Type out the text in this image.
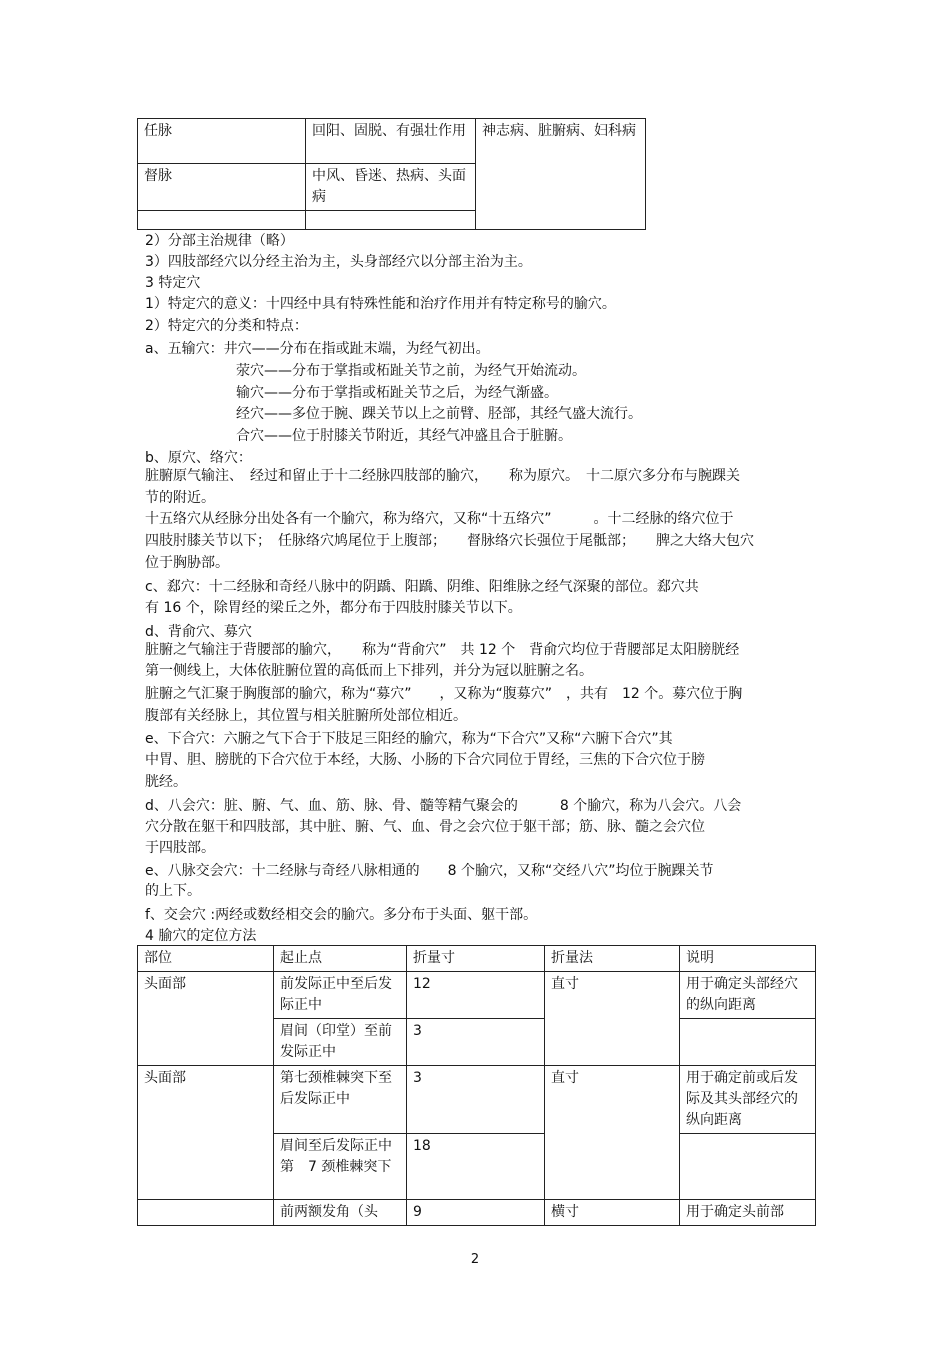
任脉	回阳、固脱、有强壮作用	神志病、脏腑病、妇科病
督脉	中风、昏迷、热病、头面病	

2）分部主治规律（略）
3）四肢部经穴以分经主治为主，头身部经穴以分部主治为主。
3 特定穴
1）特定穴的意义：十四经中具有特殊性能和治疗作用并有特定称号的腧穴。
2）特定穴的分类和特点：
a、五输穴：井穴——分布在指或趾末端，为经气初出。
荥穴——分布于掌指或柘趾关节之前，为经气开始流动。
输穴——分布于掌指或柘趾关节之后，为经气渐盛。
经穴——多位于腕、踝关节以上之前臂、胫部，其经气盛大流行。
合穴——位于肘膝关节附近，其经气冲盛且合于脏腑。
b、原穴、络穴：
脏腑原气输注、　经过和留止于十二经脉四肢部的腧穴，　　称为原穴。　十二原穴多分布与腕踝关
节的附近。
十五络穴从经脉分出处各有一个腧穴，称为络穴，又称“十五络穴”　　　。十二经脉的络穴位于
四肢肘膝关节以下；　任脉络穴鸠尾位于上腹部；　　督脉络穴长强位于尾骶部；　　脾之大络大包穴
位于胸胁部。
c、郄穴：十二经脉和奇经八脉中的阴蹻、阳蹻、阴维、阳维脉之经气深聚的部位。郄穴共
有 16 个，除胃经的梁丘之外，都分布于四肢肘膝关节以下。
d、背俞穴、募穴
脏腑之气输注于背腰部的腧穴，　　称为“背俞穴”　共 12 个　背俞穴均位于背腰部足太阳膀胱经
第一侧线上，大体依脏腑位置的高低而上下排列，并分为冠以脏腑之名。
脏腑之气汇聚于胸腹部的腧穴，称为“募穴”　　，又称为“腹募穴”　，共有　12 个。募穴位于胸
腹部有关经脉上，其位置与相关脏腑所处部位相近。
e、下合穴：六腑之气下合于下肢足三阳经的腧穴，称为“下合穴”又称“六腑下合穴”其
中胃、胆、膀胱的下合穴位于本经，大肠、小肠的下合穴同位于胃经，三焦的下合穴位于膀
胱经。
d、八会穴：脏、腑、气、血、筋、脉、骨、髓等精气聚会的　　　8 个腧穴，称为八会穴。八会
穴分散在躯干和四肢部，其中脏、腑、气、血、骨之会穴位于躯干部；筋、脉、髓之会穴位
于四肢部。
e、八脉交会穴：十二经脉与奇经八脉相通的　　8 个腧穴，又称“交经八穴”均位于腕踝关节
的上下。
f、交会穴 :两经或数经相交会的腧穴。多分布于头面、躯干部。
4 腧穴的定位方法
部位	起止点	折量寸	折量法	说明
头面部	前发际正中至后发际正中	12	直寸	用于确定头部经穴的纵向距离
	眉间（印堂）至前发际正中	3		
头面部	第七颈椎棘突下至后发际正中	3	直寸	用于确定前或后发际及其头部经穴的纵向距离
	眉间至后发际正中第　7 颈椎棘突下	18		
	前两额发角（头	9	横寸	用于确定头前部
2
